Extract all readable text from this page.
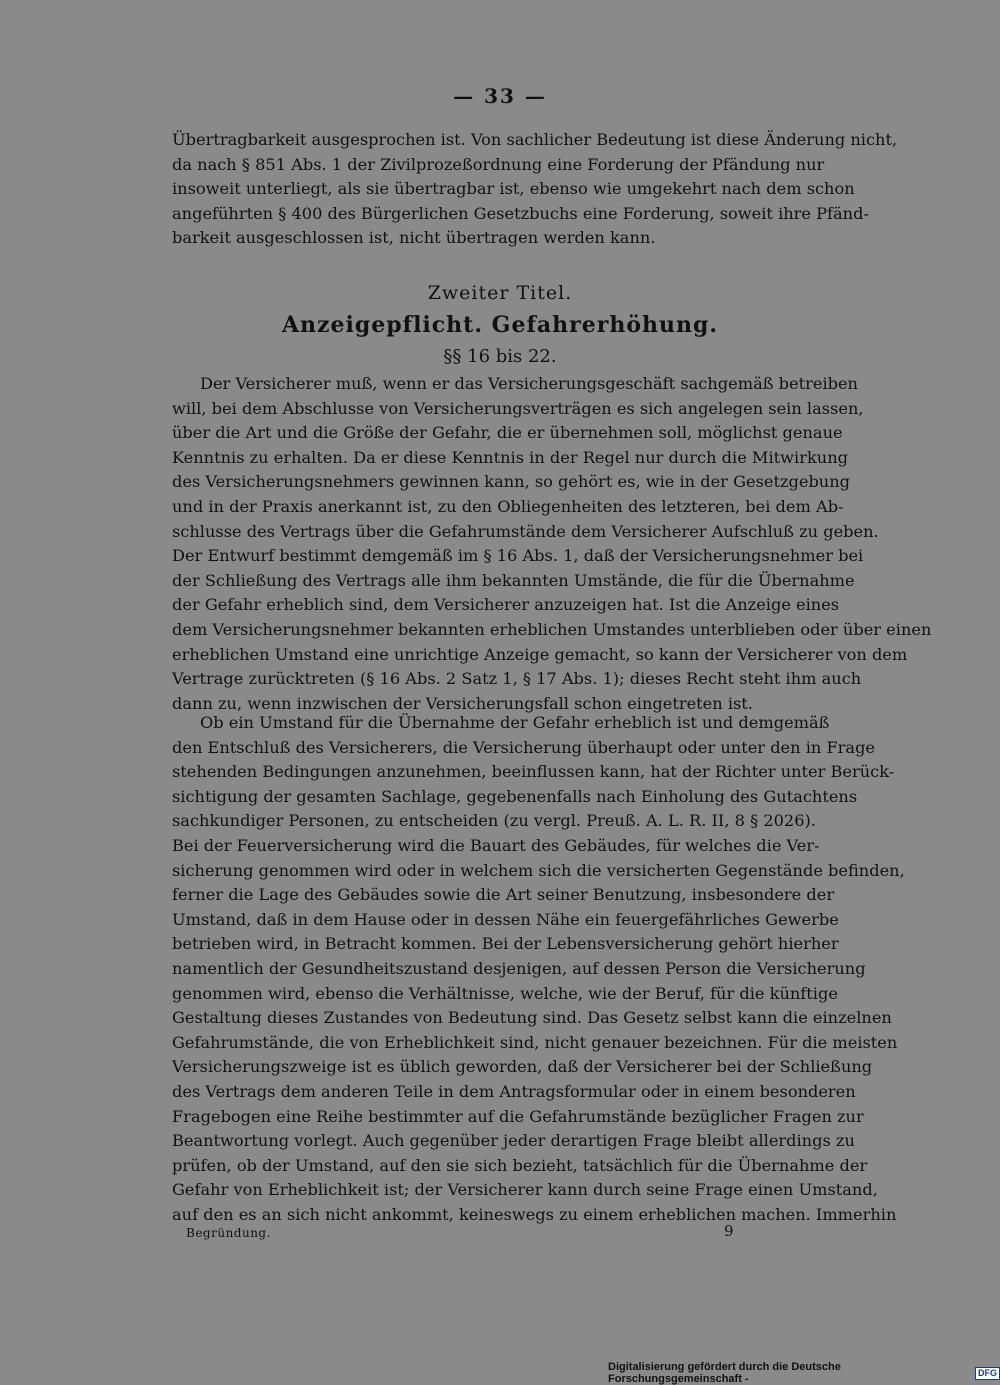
— 33 —
Übertragbarkeit ausgesprochen ist. Von sachlicher Bedeutung ist diese Änderung nicht,
da nach § 851 Abs. 1 der Zivilprozeßordnung eine Forderung der Pfändung nur
insoweit unterliegt, als sie übertragbar ist, ebenso wie umgekehrt nach dem schon
angeführten § 400 des Bürgerlichen Gesetzbuchs eine Forderung, soweit ihre Pfänd-
barkeit ausgeschlossen ist, nicht übertragen werden kann.
Zweiter Titel.
Anzeigepflicht. Gefahrerhöhung.
§§ 16 bis 22.
Der Versicherer muß, wenn er das Versicherungsgeschäft sachgemäß betreiben
will, bei dem Abschlusse von Versicherungsverträgen es sich angelegen sein lassen,
über die Art und die Größe der Gefahr, die er übernehmen soll, möglichst genaue
Kenntnis zu erhalten. Da er diese Kenntnis in der Regel nur durch die Mitwirkung
des Versicherungsnehmers gewinnen kann, so gehört es, wie in der Gesetzgebung
und in der Praxis anerkannt ist, zu den Obliegenheiten des letzteren, bei dem Ab-
schlusse des Vertrags über die Gefahrumstände dem Versicherer Aufschluß zu geben.
Der Entwurf bestimmt demgemäß im § 16 Abs. 1, daß der Versicherungsnehmer bei
der Schließung des Vertrags alle ihm bekannten Umstände, die für die Übernahme
der Gefahr erheblich sind, dem Versicherer anzuzeigen hat. Ist die Anzeige eines
dem Versicherungsnehmer bekannten erheblichen Umstandes unterblieben oder über einen
erheblichen Umstand eine unrichtige Anzeige gemacht, so kann der Versicherer von dem
Vertrage zurücktreten (§ 16 Abs. 2 Satz 1, § 17 Abs. 1); dieses Recht steht ihm auch
dann zu, wenn inzwischen der Versicherungsfall schon eingetreten ist.
Ob ein Umstand für die Übernahme der Gefahr erheblich ist und demgemäß
den Entschluß des Versicherers, die Versicherung überhaupt oder unter den in Frage
stehenden Bedingungen anzunehmen, beeinflussen kann, hat der Richter unter Berück-
sichtigung der gesamten Sachlage, gegebenenfalls nach Einholung des Gutachtens
sachkundiger Personen, zu entscheiden (zu vergl. Preuß. A. L. R. II, 8 § 2026).
Bei der Feuerversicherung wird die Bauart des Gebäudes, für welches die Ver-
sicherung genommen wird oder in welchem sich die versicherten Gegenstände befinden,
ferner die Lage des Gebäudes sowie die Art seiner Benutzung, insbesondere der
Umstand, daß in dem Hause oder in dessen Nähe ein feuergefährliches Gewerbe
betrieben wird, in Betracht kommen. Bei der Lebensversicherung gehört hierher
namentlich der Gesundheitszustand desjenigen, auf dessen Person die Versicherung
genommen wird, ebenso die Verhältnisse, welche, wie der Beruf, für die künftige
Gestaltung dieses Zustandes von Bedeutung sind. Das Gesetz selbst kann die einzelnen
Gefahrumstände, die von Erheblichkeit sind, nicht genauer bezeichnen. Für die meisten
Versicherungszweige ist es üblich geworden, daß der Versicherer bei der Schließung
des Vertrags dem anderen Teile in dem Antragsformular oder in einem besonderen
Fragebogen eine Reihe bestimmter auf die Gefahrumstände bezüglicher Fragen zur
Beantwortung vorlegt. Auch gegenüber jeder derartigen Frage bleibt allerdings zu
prüfen, ob der Umstand, auf den sie sich bezieht, tatsächlich für die Übernahme der
Gefahr von Erheblichkeit ist; der Versicherer kann durch seine Frage einen Umstand,
auf den es an sich nicht ankommt, keineswegs zu einem erheblichen machen. Immerhin
Begründung.	9
Digitalisierung gefördert durch die Deutsche Forschungsgemeinschaft -
DFG
